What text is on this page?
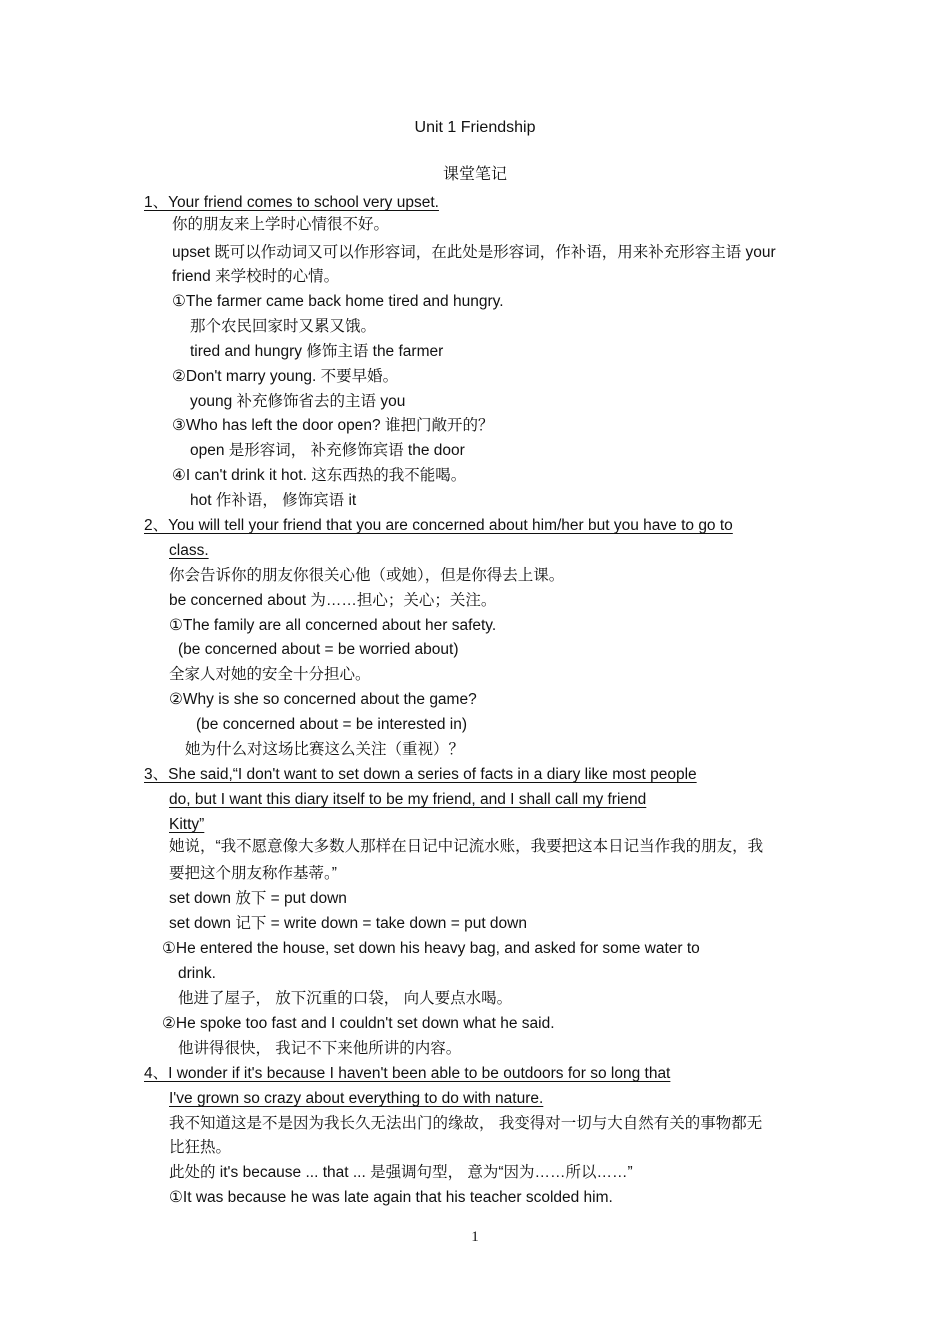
Unit 1 Friendship
课堂笔记
1、Your friend comes to school very upset.
你的朋友来上学时心情很不好。
upset 既可以作动词又可以作形容词，在此处是形容词，作补语，用来补充形容主语 your
friend 来学校时的心情。
①The farmer came back home tired and hungry.
那个农民回家时又累又饿。
tired and hungry 修饰主语 the farmer
②Don't marry young. 不要早婚。
young 补充修饰省去的主语 you
③Who has left the door open? 谁把门敞开的？
open 是形容词， 补充修饰宾语 the door
④I can't drink it hot. 这东西热的我不能喝。
hot 作补语， 修饰宾语 it
2、You will tell your friend that you are concerned about him/her but you have to go to
class.
你会告诉你的朋友你很关心他（或她），但是你得去上课。
be concerned about 为……担心；关心；关注。
①The family are all concerned about her safety.
(be concerned about = be worried about)
全家人对她的安全十分担心。
②Why is she so concerned about the game?
(be concerned about = be interested in)
她为什么对这场比赛这么关注（重视）？
3、She said,“I don't want to set down a series of facts in a diary like most people
do, but I want this diary itself to be my friend, and I shall call my friend
Kitty”
她说，“我不愿意像大多数人那样在日记中记流水账，我要把这本日记当作我的朋友，我
要把这个朋友称作基蒂。”
set down 放下 = put down
set down 记下 = write down = take down = put down
①He entered the house, set down his heavy bag, and asked for some water to
drink.
他进了屋子， 放下沉重的口袋， 向人要点水喝。
②He spoke too fast and I couldn't set down what he said.
他讲得很快， 我记不下来他所讲的内容。
4、I wonder if it's because I haven't been able to be outdoors for so long that
I've grown so crazy about everything to do with nature.
我不知道这是不是因为我长久无法出门的缘故， 我变得对一切与大自然有关的事物都无
比狂热。
此处的 it's because ... that ... 是强调句型， 意为“因为……所以……”
①It was because he was late again that his teacher scolded him.
1
